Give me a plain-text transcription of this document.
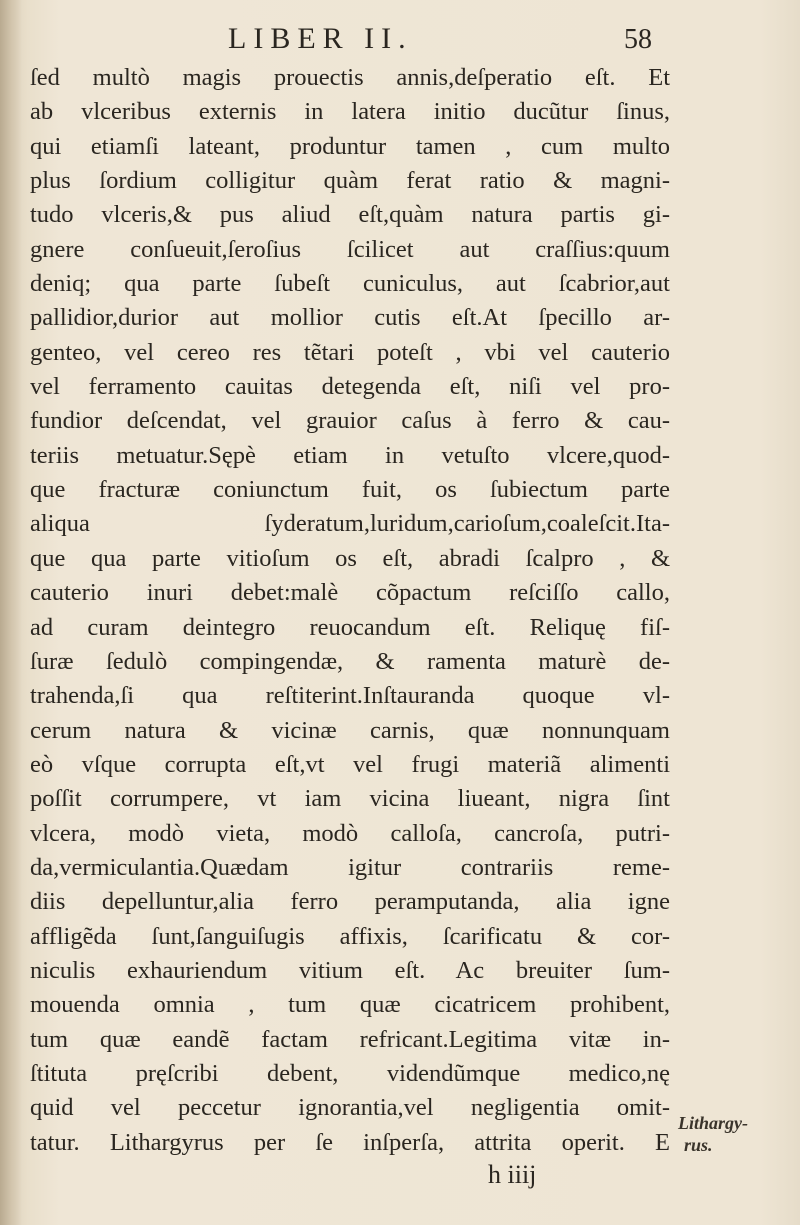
LIBER II.	58
ſed multò magis prouectis annis,deſperatio eſt. Et
ab vlceribus externis in latera initio ducũtur ſinus,
qui etiamſi lateant, produntur tamen , cum multo
plus ſordium colligitur quàm ferat ratio & magni-
tudo vlceris,& pus aliud eſt,quàm natura partis gi-
gnere conſueuit,ſeroſius ſcilicet aut craſſius:quum
deniq; qua parte ſubeſt cuniculus, aut ſcabrior,aut
pallidior,durior aut mollior cutis eſt.At ſpecillo ar-
genteo, vel cereo res tẽtari poteſt , vbi vel cauterio
vel ferramento cauitas detegenda eſt, niſi vel pro-
fundior deſcendat, vel grauior caſus à ferro & cau-
teriis metuatur.Sępè etiam in vetuſto vlcere,quod-
que fracturæ coniunctum fuit, os ſubiectum parte
aliqua ſyderatum,luridum,carioſum,coaleſcit.Ita-
que qua parte vitioſum os eſt, abradi ſcalpro , &
cauterio inuri debet:malè cõpactum reſciſſo callo,
ad curam deintegro reuocandum eſt. Reliquę fiſ-
ſuræ ſedulò compingendæ, & ramenta maturè de-
trahenda,ſi qua reſtiterint.Inſtauranda quoque vl-
cerum natura & vicinæ carnis, quæ nonnunquam
eò vſque corrupta eſt,vt vel frugi materiã alimenti
poſſit corrumpere, vt iam vicina liueant, nigra ſint
vlcera, modò vieta, modò calloſa, cancroſa, putri-
da,vermiculantia.Quædam igitur contrariis reme-
diis depelluntur,alia ferro peramputanda, alia igne
affligẽda ſunt,ſanguiſugis affixis, ſcarificatu & cor-
niculis exhauriendum vitium eſt. Ac breuiter ſum-
mouenda omnia , tum quæ cicatricem prohibent,
tum quæ eandẽ factam refricant.Legitima vitæ in-
ſtituta pręſcribi debent, videndũmque medico,nę
quid vel peccetur ignorantia,vel negligentia omit-
tatur. Lithargyrus per ſe inſperſa, attrita operit. E
Lithargy-
rus.
h iiij
